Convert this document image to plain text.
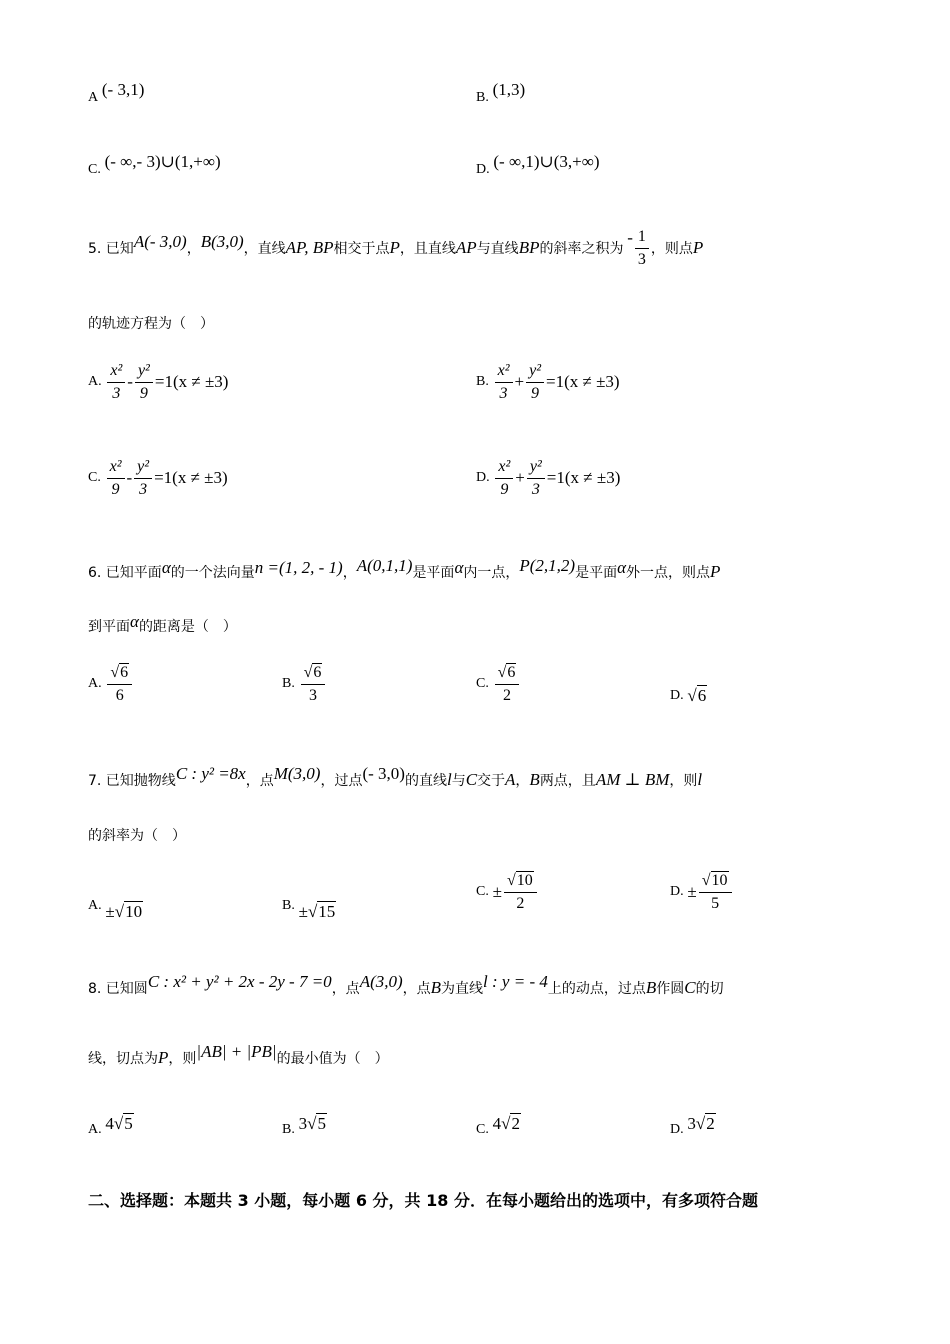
A (- 3,1)	B. (1,3)
C. (- ∞,- 3)∪(1,+∞)	D. (- ∞,1)∪(3,+∞)
5. 已知A(- 3,0)，B(3,0)，直线AP, BP相交于点P，且直线AP与直线BP的斜率之积为 - $\frac{1}{3}$ ，则点P
的轨迹方程为（　）
A. $\frac{\text{x²}}{3} - \frac{\text{y²}}{9} =1(x \ne \pm 3)$	B. $\frac{\text{x²}}{3} + \frac{\text{y²}}{9} =1(x \ne \pm 3)$
C. $\frac{\text{x²}}{9} - \frac{\text{y²}}{3} =1(x \ne \pm 3)$	D. $\frac{\text{x²}}{9} + \frac{\text{y²}}{3} =1(x \ne \pm 3)$
6. 已知平面α的一个法向量n =(1, 2, - 1)，A(0,1,1)是平面α内一点，P(2,1,2)是平面α外一点，则点P
到平面α的距离是（　）
A. $\frac{√6}{6}$	B. $\frac{√6}{3}$	C. $\frac{√6}{2}$	D. √6
7. 已知抛物线C : y² =8x，点M(3,0)，过点(- 3,0)的直线l与C交于A，B两点，且AM ⊥ BM，则l
的斜率为（　）
A. ±√10	B. ±√15
C. ± $\frac{√10}{2}$	D. ± $\frac{√10}{5}$
8. 已知圆C : x² + y² + 2x - 2y - 7 =0，点A(3,0)，点B为直线l : y = - 4上的动点，过点B作圆C的切
线，切点为P，则|AB| + |PB|的最小值为（　）
A. 4√5	B. 3√5	C. 4√2	D. 3√2
二、选择题：本题共 3 小题，每小题 6 分，共 18 分．在每小题给出的选项中，有多项符合题
